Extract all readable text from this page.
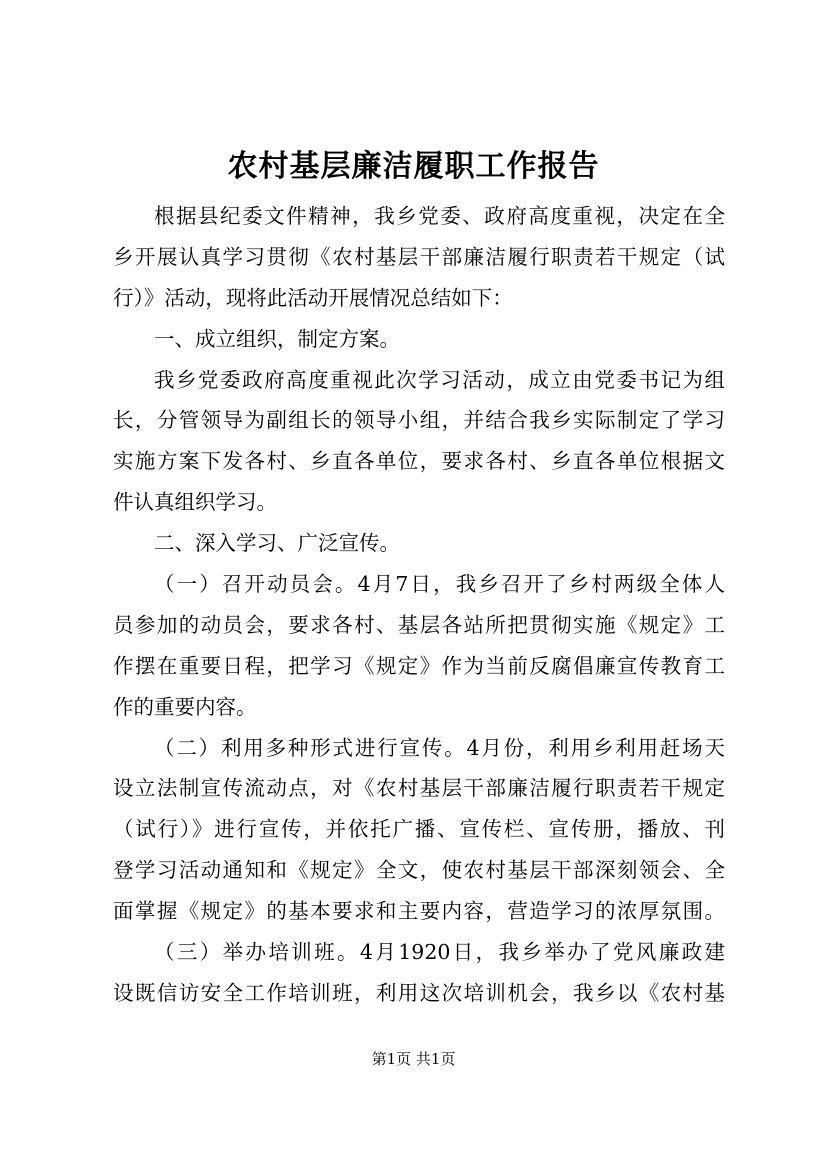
农村基层廉洁履职工作报告
根据县纪委文件精神，我乡党委、政府高度重视，决定在全
乡开展认真学习贯彻《农村基层干部廉洁履行职责若干规定（试
行）》活动，现将此活动开展情况总结如下：
一、成立组织，制定方案。
我乡党委政府高度重视此次学习活动，成立由党委书记为组
长，分管领导为副组长的领导小组，并结合我乡实际制定了学习
实施方案下发各村、乡直各单位，要求各村、乡直各单位根据文
件认真组织学习。
二、深入学习、广泛宣传。
（一）召开动员会。4月7日，我乡召开了乡村两级全体人
员参加的动员会，要求各村、基层各站所把贯彻实施《规定》工
作摆在重要日程，把学习《规定》作为当前反腐倡廉宣传教育工
作的重要内容。
（二）利用多种形式进行宣传。4月份，利用乡利用赶场天
设立法制宣传流动点，对《农村基层干部廉洁履行职责若干规定
（试行）》进行宣传，并依托广播、宣传栏、宣传册，播放、刊
登学习活动通知和《规定》全文，使农村基层干部深刻领会、全
面掌握《规定》的基本要求和主要内容，营造学习的浓厚氛围。
（三）举办培训班。4月1920日，我乡举办了党风廉政建
设既信访安全工作培训班，利用这次培训机会，我乡以《农村基
第1页 共1页
